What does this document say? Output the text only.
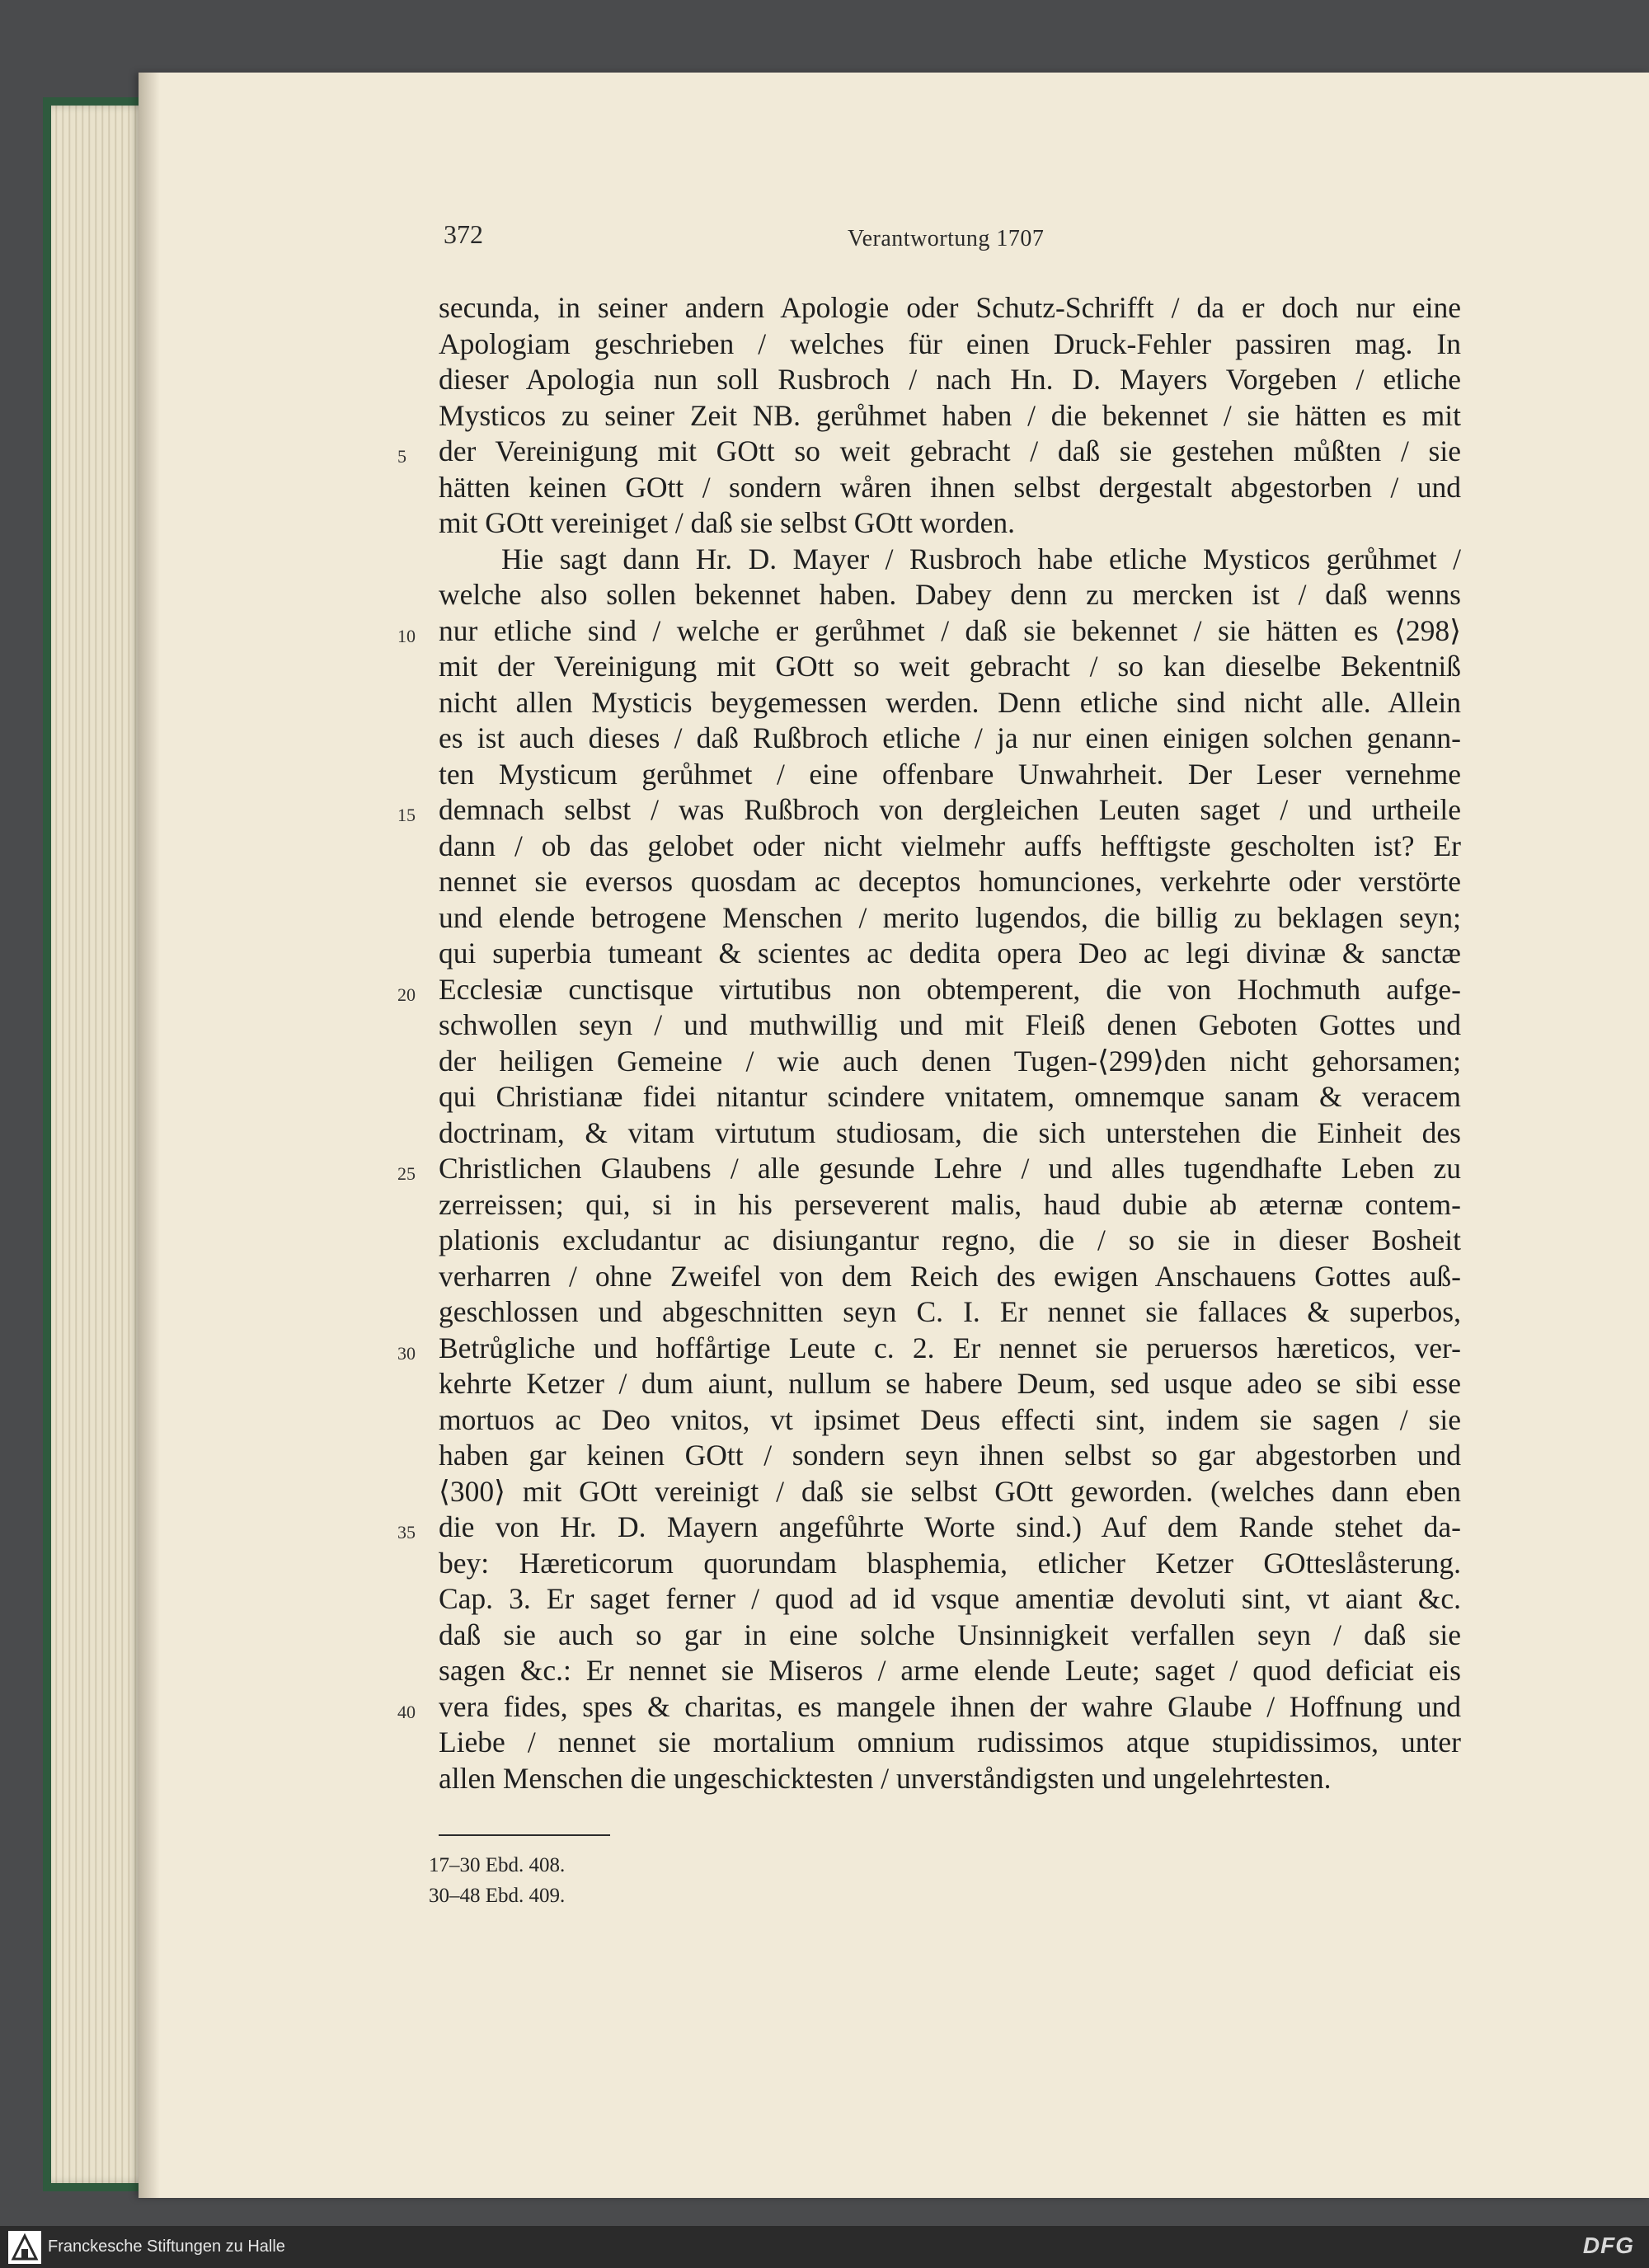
372	Verantwortung 1707
secunda, in seiner andern Apologie oder Schutz-Schrifft / da er doch nur eine
Apologiam geschrieben / welches für einen Druck-Fehler passiren mag. In
dieser Apologia nun soll Rusbroch / nach Hn. D. Mayers Vorgeben / etliche
Mysticos zu seiner Zeit NB. gerůhmet haben / die bekennet / sie hätten es mit
der Vereinigung mit GOtt so weit gebracht / daß sie gestehen můßten / sie
5
hätten keinen GOtt / sondern wåren ihnen selbst dergestalt abgestorben / und
mit GOtt vereiniget / daß sie selbst GOtt worden.
Hie sagt dann Hr. D. Mayer / Rusbroch habe etliche Mysticos gerůhmet /
welche also sollen bekennet haben. Dabey denn zu mercken ist / daß wenns
nur etliche sind / welche er gerůhmet / daß sie bekennet / sie hätten es ⟨298⟩
10
mit der Vereinigung mit GOtt so weit gebracht / so kan dieselbe Bekentniß
nicht allen Mysticis beygemessen werden. Denn etliche sind nicht alle. Allein
es ist auch dieses / daß Rußbroch etliche / ja nur einen einigen solchen genann-
ten Mysticum gerůhmet / eine offenbare Unwahrheit. Der Leser vernehme
demnach selbst / was Rußbroch von dergleichen Leuten saget / und urtheile
15
dann / ob das gelobet oder nicht vielmehr auffs hefftigste gescholten ist? Er
nennet sie eversos quosdam ac deceptos homunciones, verkehrte oder verstörte
und elende betrogene Menschen / merito lugendos, die billig zu beklagen seyn;
qui superbia tumeant & scientes ac dedita opera Deo ac legi divinæ & sanctæ
Ecclesiæ cunctisque virtutibus non obtemperent, die von Hochmuth aufge-
20
schwollen seyn / und muthwillig und mit Fleiß denen Geboten Gottes und
der heiligen Gemeine / wie auch denen Tugen-⟨299⟩den nicht gehorsamen;
qui Christianæ fidei nitantur scindere vnitatem, omnemque sanam & veracem
doctrinam, & vitam virtutum studiosam, die sich unterstehen die Einheit des
Christlichen Glaubens / alle gesunde Lehre / und alles tugendhafte Leben zu
25
zerreissen; qui, si in his perseverent malis, haud dubie ab æternæ contem-
plationis excludantur ac disiungantur regno, die / so sie in dieser Bosheit
verharren / ohne Zweifel von dem Reich des ewigen Anschauens Gottes auß-
geschlossen und abgeschnitten seyn C. I. Er nennet sie fallaces & superbos,
Betrůgliche und hoffårtige Leute c. 2. Er nennet sie peruersos hæreticos, ver-
30
kehrte Ketzer / dum aiunt, nullum se habere Deum, sed usque adeo se sibi esse
mortuos ac Deo vnitos, vt ipsimet Deus effecti sint, indem sie sagen / sie
haben gar keinen GOtt / sondern seyn ihnen selbst so gar abgestorben und
⟨300⟩ mit GOtt vereinigt / daß sie selbst GOtt geworden. (welches dann eben
die von Hr. D. Mayern angefůhrte Worte sind.) Auf dem Rande stehet da-
35
bey: Hæreticorum quorundam blasphemia, etlicher Ketzer GOtteslåsterung.
Cap. 3. Er saget ferner / quod ad id vsque amentiæ devoluti sint, vt aiant &c.
daß sie auch so gar in eine solche Unsinnigkeit verfallen seyn / daß sie
sagen &c.: Er nennet sie Miseros / arme elende Leute; saget / quod deficiat eis
vera fides, spes & charitas, es mangele ihnen der wahre Glaube / Hoffnung und
40
Liebe / nennet sie mortalium omnium rudissimos atque stupidissimos, unter
allen Menschen die ungeschicktesten / unverståndigsten und ungelehrtesten.
17–30 Ebd. 408.
30–48 Ebd. 409.
Franckesche Stiftungen zu Halle	DFG
